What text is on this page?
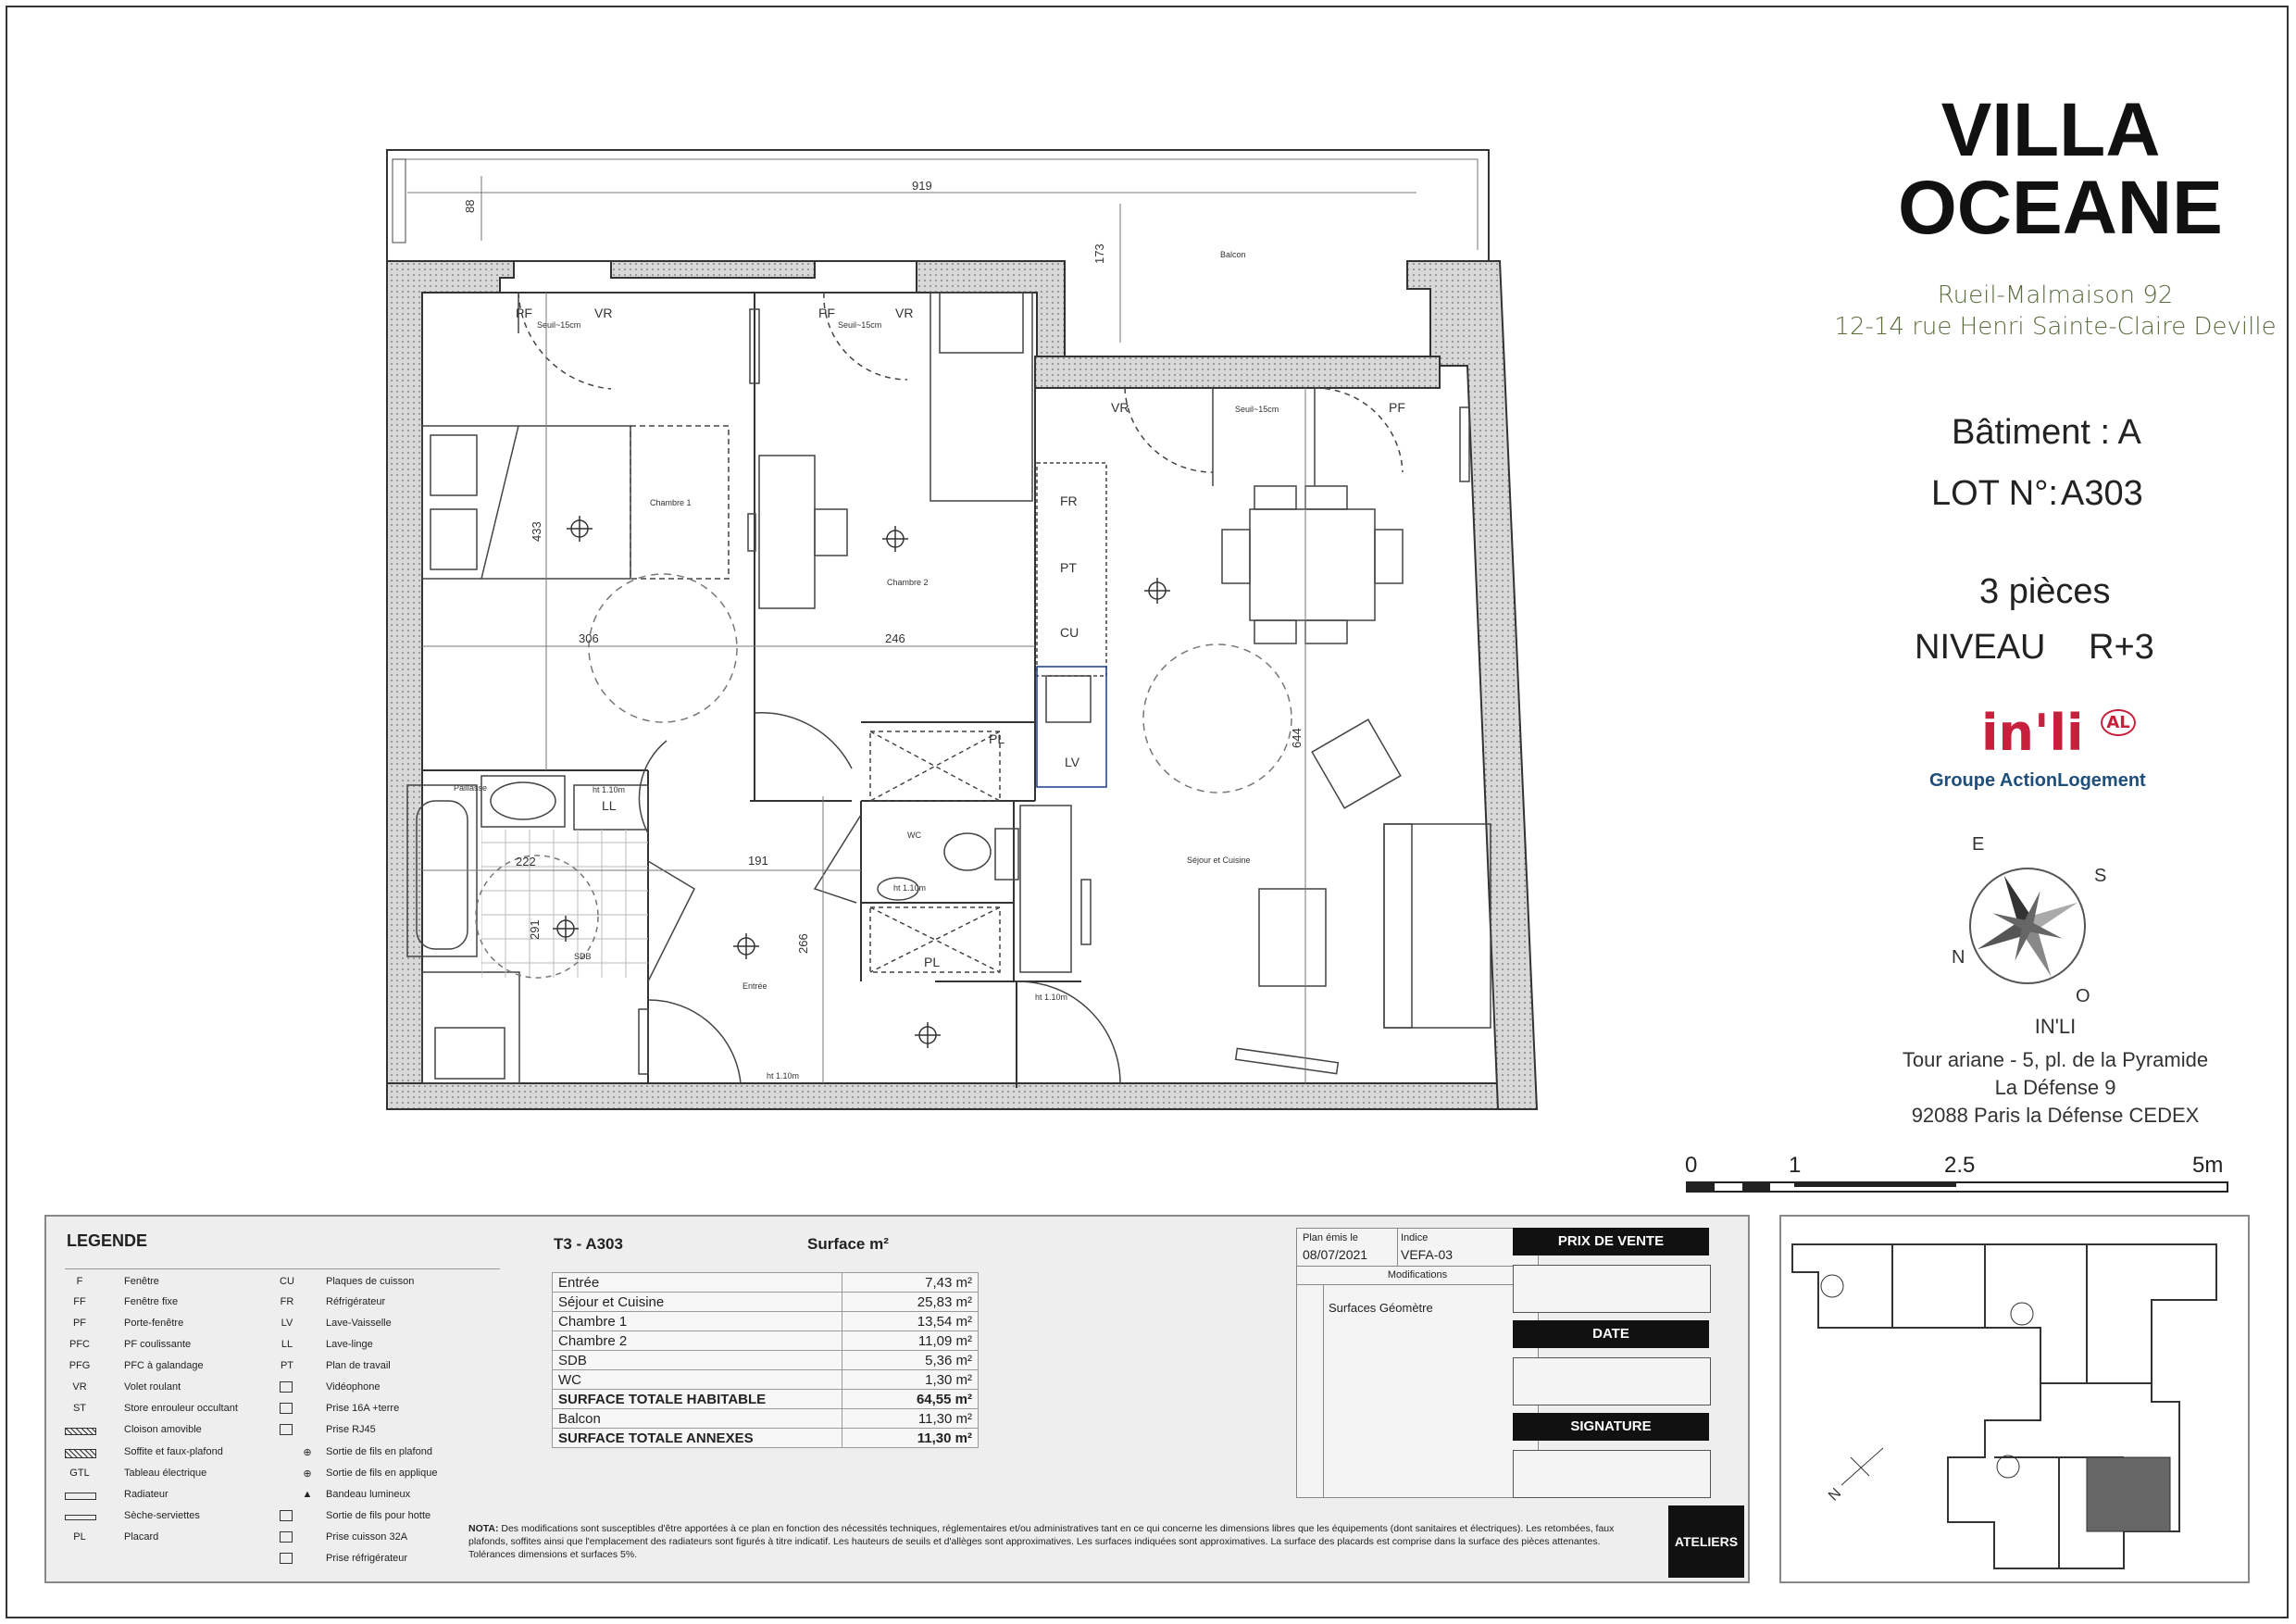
919
88
173
433
306	246
644
222
291
191
266
Chambre 1
Chambre 2
Séjour et Cuisine
Entrée
SDB
WC
Balcon
Paillasse
PF	VR	PF	VR
VR	PF
FR
PT
CU
LL
LV
PL
PL
Seuil~15cm	Seuil~15cm
Seuil~15cm
ht 1.10m
ht 1.10m
ht 1.10m
ht 1.10m
VILLA
OCEANE
Rueil-Malmaison 92
12-14 rue Henri Sainte-Claire Deville
Bâtiment : A
LOT N°: A303
3 pièces
NIVEAU R+3
in'li $^{AL}$
Groupe ActionLogement
E
S
N
O
IN'LI
Tour ariane - 5, pl. de la Pyramide
La Défense 9
92088 Paris la Défense CEDEX
0	1	2.5	5m
LEGENDE
F	Fenêtre
FF	Fenêtre fixe
PF	Porte-fenêtre
PFC	PF coulissante
PFG	PFC à galandage
VR	Volet roulant
ST	Store enrouleur occultant
Cloison amovible
Soffite et faux-plafond
GTL	Tableau électrique
Radiateur
Sèche-serviettes
PL	Placard
CU	Plaques de cuisson
FR	Réfrigérateur
LV	Lave-Vaisselle
LL	Lave-linge
PT	Plan de travail
Vidéophone
Prise 16A +terre
Prise RJ45
⊕	Sortie de fils en plafond
⊕	Sortie de fils en applique
▲	Bandeau lumineux
Sortie de fils pour hotte
Prise cuisson 32A
Prise réfrigérateur
T3 - A303	Surface m²
Entrée	7,43 m²
Séjour et Cuisine	25,83 m²
Chambre 1	13,54 m²
Chambre 2	11,09 m²
SDB	5,36 m²
WC	1,30 m²
SURFACE TOTALE HABITABLE	64,55 m²
Balcon	11,30 m²
SURFACE TOTALE ANNEXES	11,30 m²
Plan émis le
08/07/2021
Indice
VEFA-03
Modifications
Surfaces Géomètre
PRIX DE VENTE
DATE
SIGNATURE
NOTA: Des modifications sont susceptibles d'être apportées à ce plan en fonction des nécessités techniques, réglementaires et/ou administratives tant en ce qui concerne les dimensions libres que les équipements (dont sanitaires et électriques). Les retombées, faux plafonds, soffites ainsi que l'emplacement des radiateurs sont figurés à titre indicatif. Les hauteurs de seuils et d'allèges sont approximatives. Les surfaces indiquées sont approximatives. La surface des placards est comprise dans la surface des pièces attenantes. Tolérances dimensions et surfaces 5%.
ATELIERS
N
